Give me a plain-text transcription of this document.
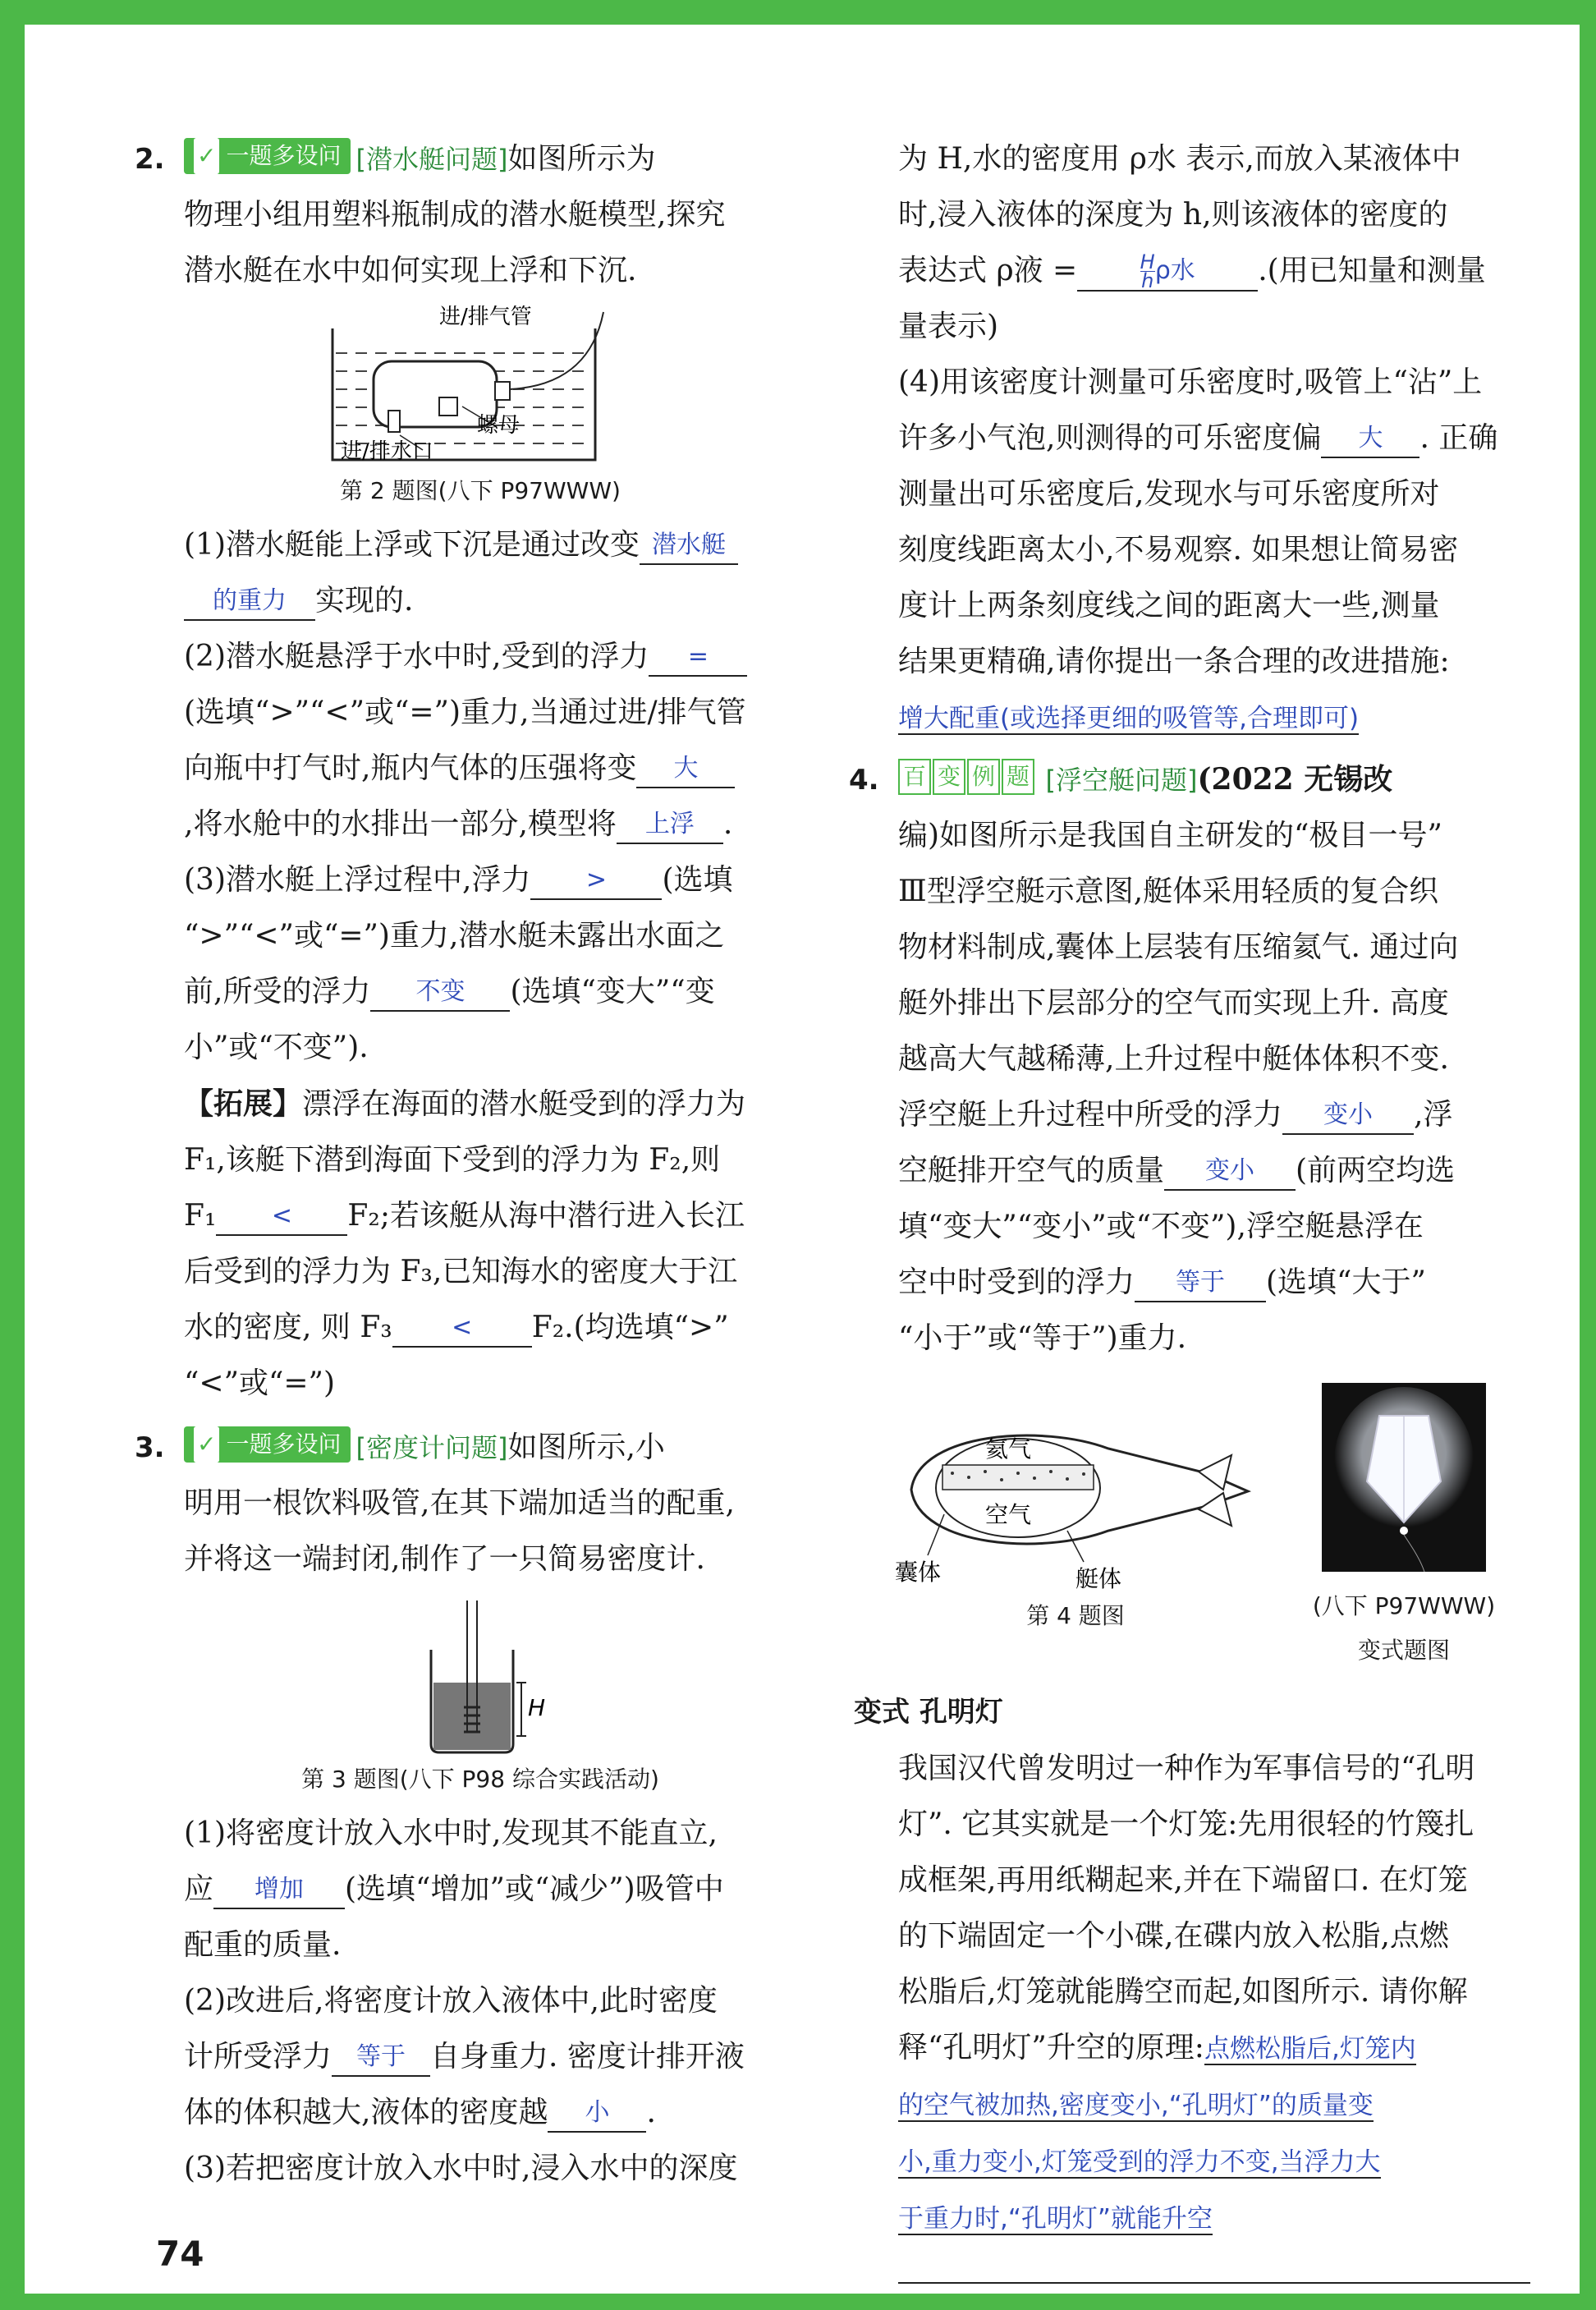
2. ✓ 一题多设问 [潜水艇问题]如图所示为

物理小组用塑料瓶制成的潜水艇模型,探究

潜水艇在水中如何实现上浮和下沉.

进/排气管
螺母
进/排水口
第 2 题图(八下 P97WWW)

(1)潜水艇能上浮或下沉是通过改变 潜水艇

的重力 实现的.

(2)潜水艇悬浮于水中时,受到的浮力 =

(选填“>”“<”或“=”)重力,当通过进/排气管

向瓶中打气时,瓶内气体的压强将变 大

,将水舱中的水排出一部分,模型将 上浮 .

(3)潜水艇上浮过程中,浮力 > (选填

“>”“<”或“=”)重力,潜水艇未露出水面之

前,所受的浮力 不变 (选填“变大”“变

小”或“不变”).

【拓展】漂浮在海面的潜水艇受到的浮力为

F₁,该艇下潜到海面下受到的浮力为 F₂,则

F₁ < F₂;若该艇从海中潜行进入长江

后受到的浮力为 F₃,已知海水的密度大于江

水的密度, 则 F₃ < F₂.(均选填“>”

“<”或“=”)

3. ✓ 一题多设问 [密度计问题]如图所示,小

明用一根饮料吸管,在其下端加适当的配重,

并将这一端封闭,制作了一只简易密度计.

H
第 3 题图(八下 P98 综合实践活动)

(1)将密度计放入水中时,发现其不能直立,

应 增加 (选填“增加”或“减少”)吸管中

配重的质量.

(2)改进后,将密度计放入液体中,此时密度

计所受浮力 等于 自身重力. 密度计排开液

体的体积越大,液体的密度越 小 .

(3)若把密度计放入水中时,浸入水中的深度

为 H,水的密度用 ρ水 表示,而放入某液体中

时,浸入液体的深度为 h,则该液体的密度的

表达式 ρ液 =	$\frac{H}{h}$ ρ水 .(用已知量和测量

量表示)

(4)用该密度计测量可乐密度时,吸管上“沾”上

许多小气泡,则测得的可乐密度偏 大 . 正确

测量出可乐密度后,发现水与可乐密度所对

刻度线距离太小,不易观察. 如果想让简易密

度计上两条刻度线之间的距离大一些,测量

结果更精确,请你提出一条合理的改进措施:

增大配重(或选择更细的吸管等,合理即可)

4. 百 变 例 题 [浮空艇问题](2022 无锡改

编)如图所示是我国自主研发的“极目一号”

Ⅲ型浮空艇示意图,艇体采用轻质的复合织

物材料制成,囊体上层装有压缩氦气. 通过向

艇外排出下层部分的空气而实现上升. 高度

越高大气越稀薄,上升过程中艇体体积不变.

浮空艇上升过程中所受的浮力 变小 ,浮

空艇排开空气的质量 变小 (前两空均选

填“变大”“变小”或“不变”),浮空艇悬浮在

空中时受到的浮力 等于 (选填“大于”

“小于”或“等于”)重力.

氦气
空气
囊体	艇体
第 4 题图	(八下 P97WWW)
变式题图

变式 孔明灯

我国汉代曾发明过一种作为军事信号的“孔明

灯”. 它其实就是一个灯笼:先用很轻的竹篾扎

成框架,再用纸糊起来,并在下端留口. 在灯笼

的下端固定一个小碟,在碟内放入松脂,点燃

松脂后,灯笼就能腾空而起,如图所示. 请你解

释“孔明灯”升空的原理:点燃松脂后,灯笼内

的空气被加热,密度变小,“孔明灯”的质量变

小,重力变小,灯笼受到的浮力不变,当浮力大

于重力时,“孔明灯”就能升空

74
